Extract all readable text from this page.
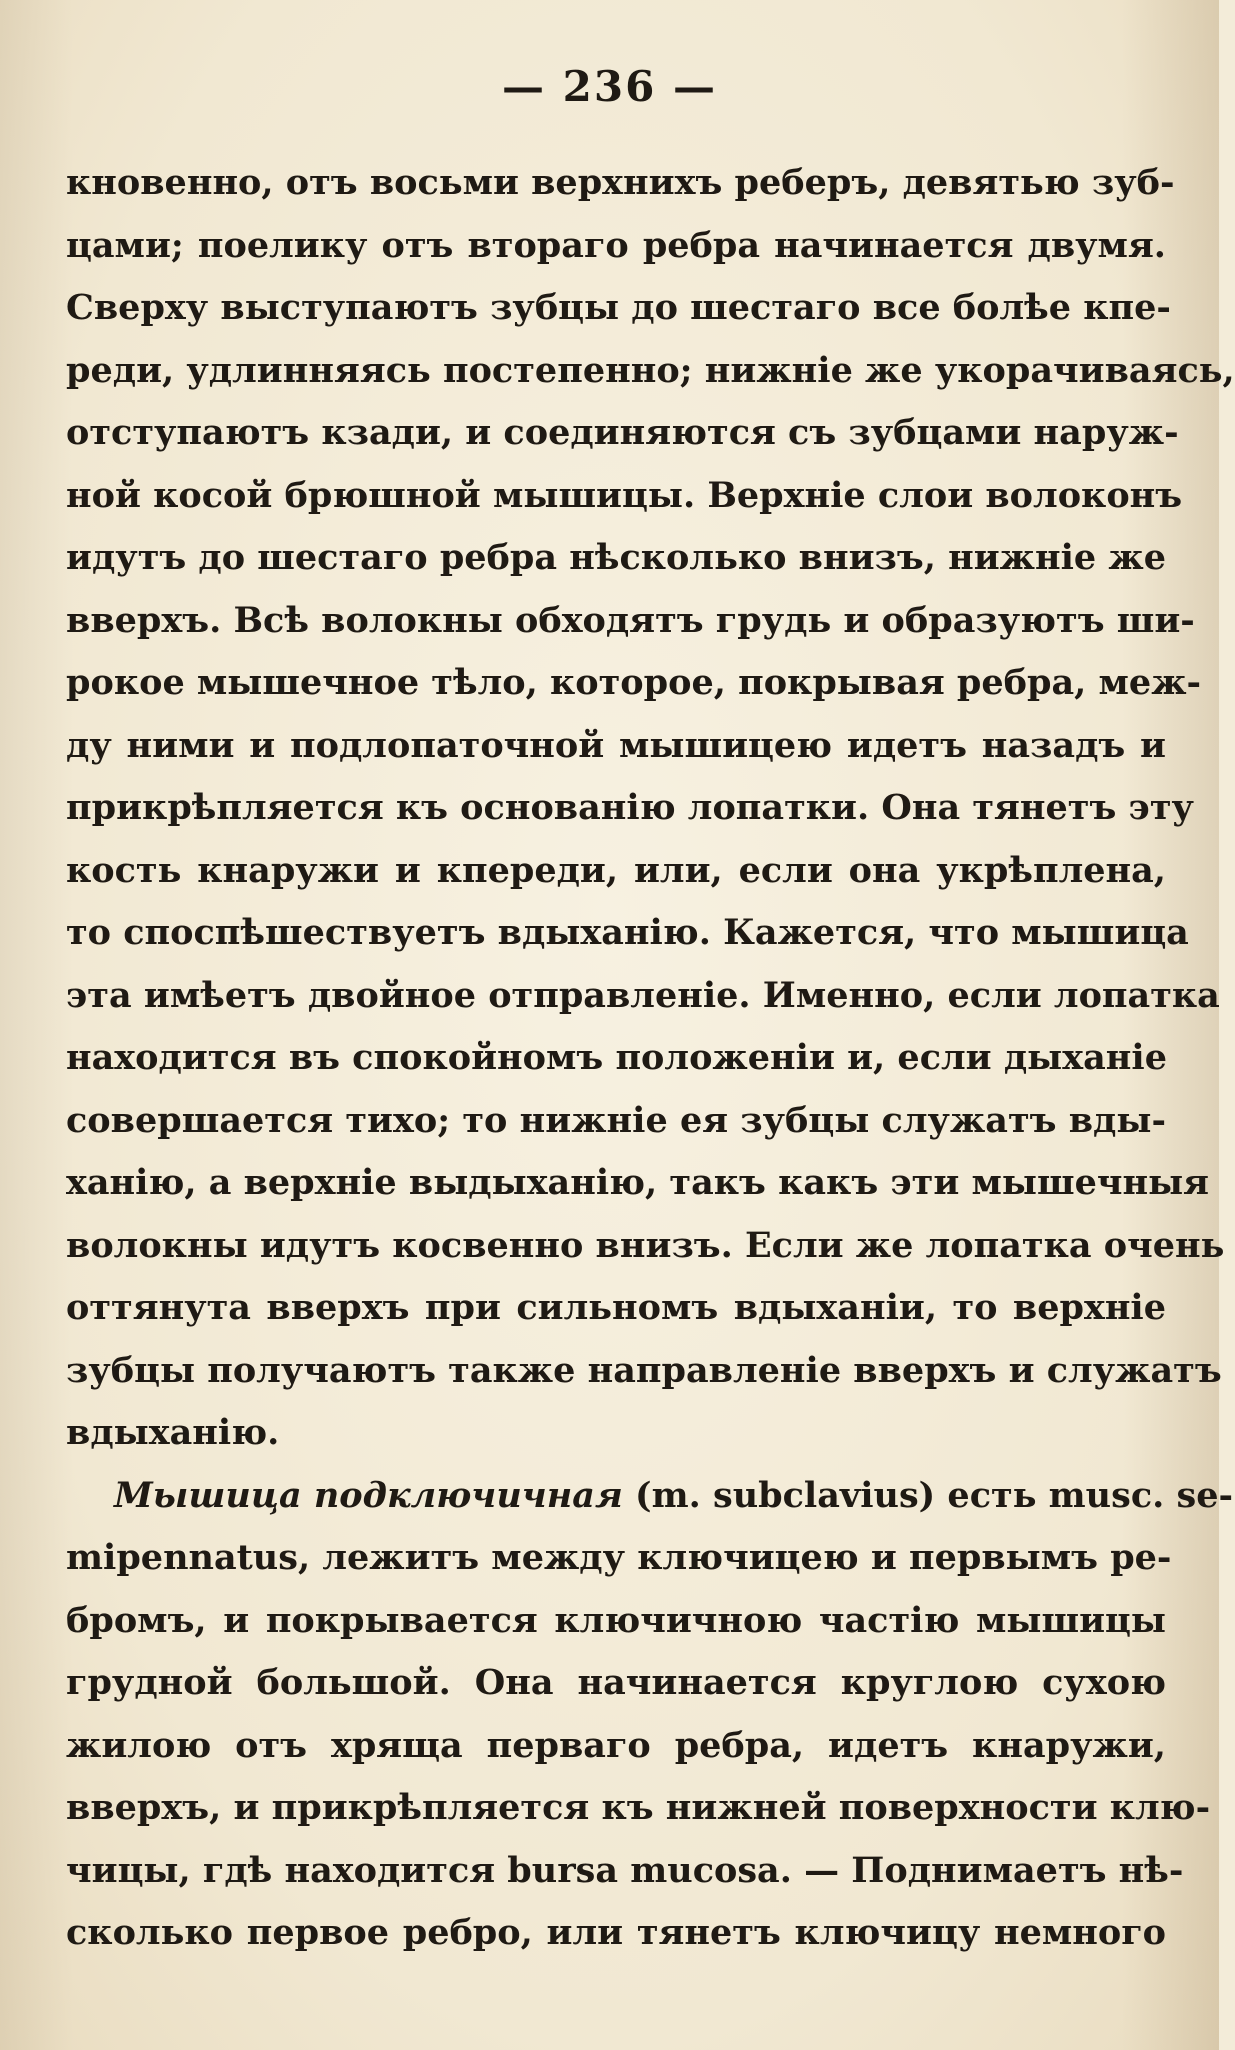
— 236 —
кновенно, отъ восьми верхнихъ реберъ, девятью зуб-
цами; поелику отъ втораго ребра начинается двумя.
Сверху выступаютъ зубцы до шестаго все болѣе кпе-
реди, удлинняясь постепенно; нижнiе же укорачиваясь,
отступаютъ кзади, и соединяются съ зубцами наруж-
ной косой брюшной мышицы. Верхнiе слои волоконъ
идутъ до шестаго ребра нѣсколько внизъ, нижнiе же
вверхъ. Всѣ волокны обходятъ грудь и образуютъ ши-
рокое мышечное тѣло, которое, покрывая ребра, меж-
ду ними и подлопаточной мышицею идетъ назадъ и
прикрѣпляется къ основанiю лопатки. Она тянетъ эту
кость кнаружи и кпереди, или, если она укрѣплена,
то споспѣшествуетъ вдыханiю. Кажется, что мышица
эта имѣетъ двойное отправленiе. Именно, если лопатка
находится въ спокойномъ положенiи и, если дыханiе
совершается тихо; то нижнiе ея зубцы служатъ вды-
ханiю, а верхнiе выдыханiю, такъ какъ эти мышечныя
волокны идутъ косвенно внизъ. Если же лопатка очень
оттянута вверхъ при сильномъ вдыханiи, то верхнiе
зубцы получаютъ также направленiе вверхъ и служатъ
вдыханiю.
Мышица подключичная (m. subclavius) есть musc. se-
mipennatus, лежитъ между ключицею и первымъ ре-
бромъ, и покрывается ключичною частiю мышицы
грудной большой. Она начинается круглою сухою
жилою отъ хряща перваго ребра, идетъ кнаружи,
вверхъ, и прикрѣпляется къ нижней поверхности клю-
чицы, гдѣ находится bursa mucosa. — Поднимаетъ нѣ-
сколько первое ребро, или тянетъ ключицу немного
